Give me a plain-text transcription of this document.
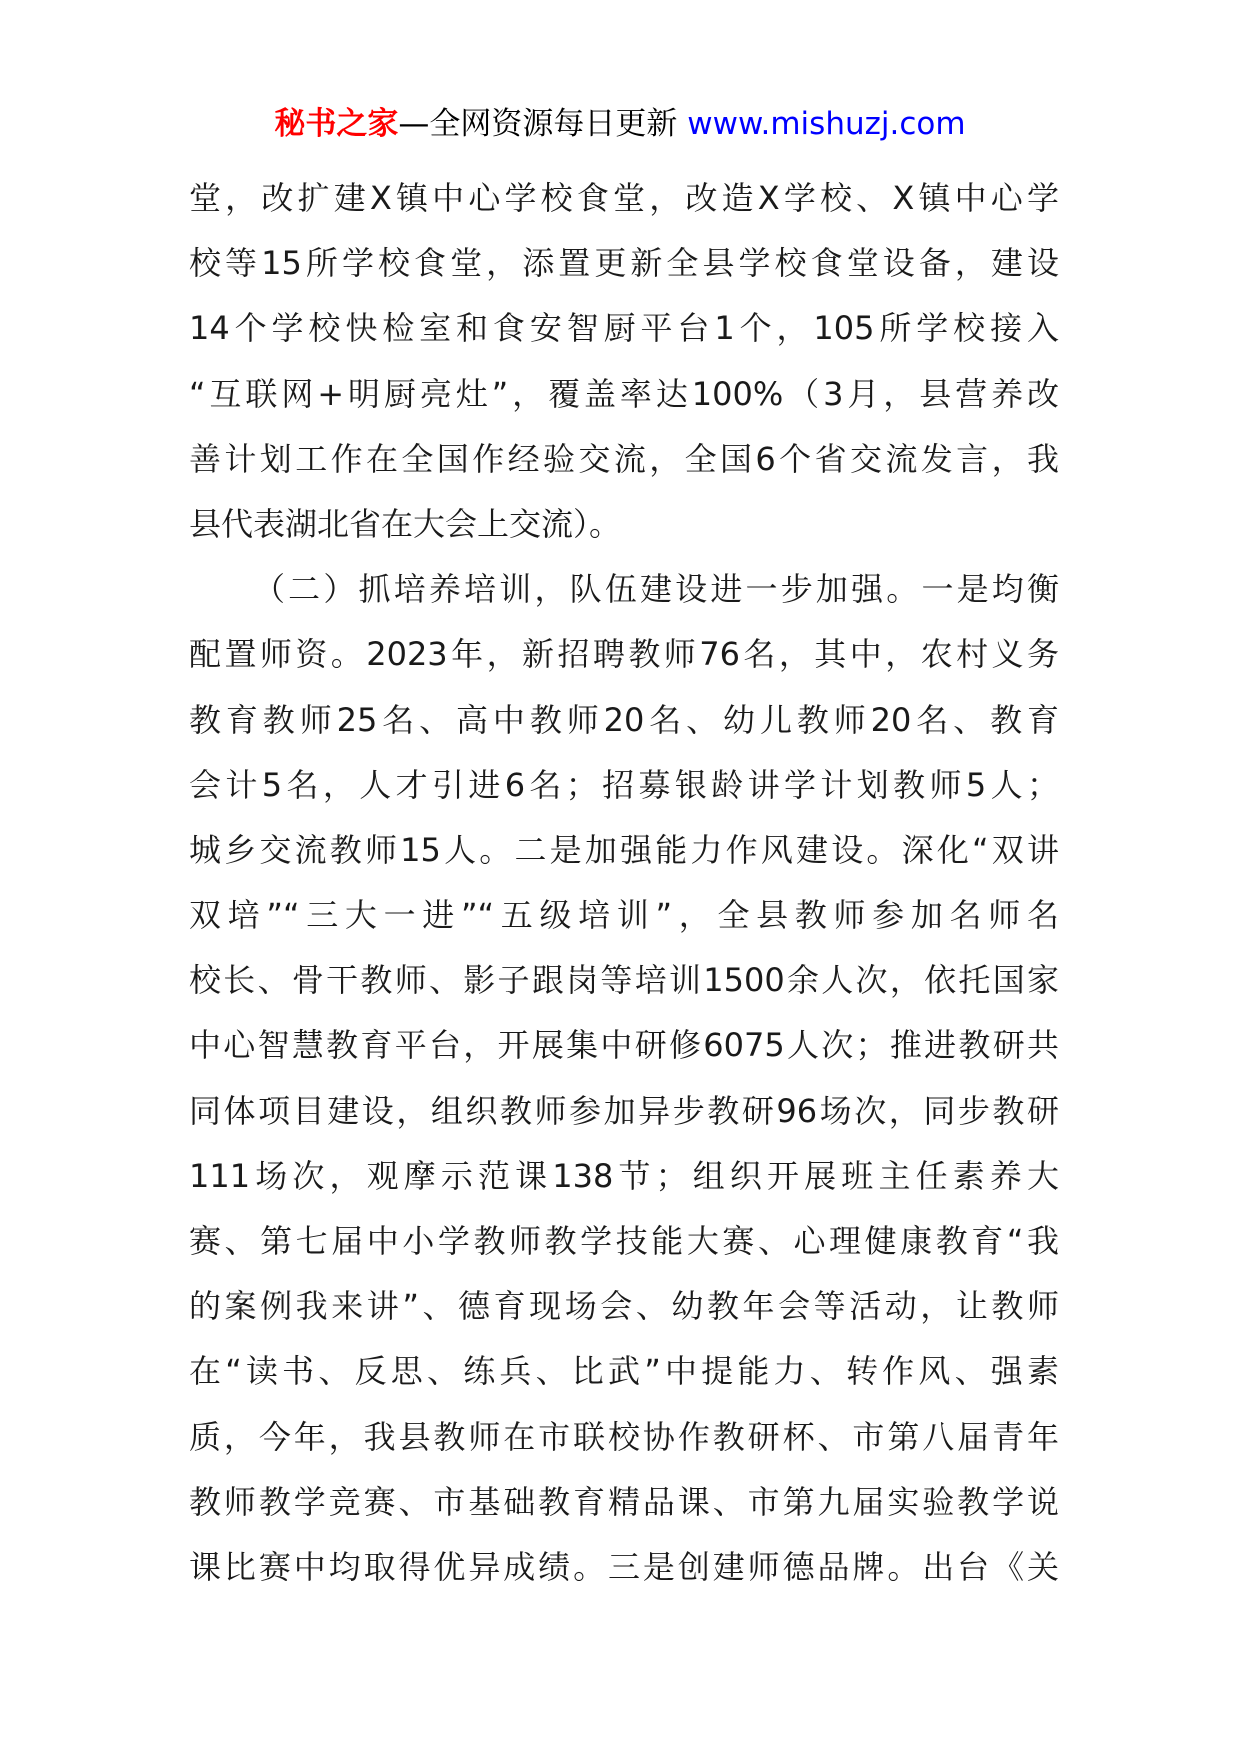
秘书之家—全网资源每日更新 www.mishuzj.com
堂，改扩建X镇中心学校食堂，改造X学校、X镇中心学
校等15所学校食堂，添置更新全县学校食堂设备，建设
14个学校快检室和食安智厨平台1个，105所学校接入
“互联网+明厨亮灶”，覆盖率达100%（3月，县营养改
善计划工作在全国作经验交流，全国6个省交流发言，我
县代表湖北省在大会上交流）。
（二）抓培养培训，队伍建设进一步加强。一是均衡
配置师资。2023年，新招聘教师76名，其中，农村义务
教育教师25名、高中教师20名、幼儿教师20名、教育
会计5名，人才引进6名；招募银龄讲学计划教师5人；
城乡交流教师15人。二是加强能力作风建设。深化“双讲
双培”“三大一进”“五级培训”，全县教师参加名师名
校长、骨干教师、影子跟岗等培训1500余人次，依托国家
中心智慧教育平台，开展集中研修6075人次；推进教研共
同体项目建设，组织教师参加异步教研96场次，同步教研
111场次，观摩示范课138节；组织开展班主任素养大
赛、第七届中小学教师教学技能大赛、心理健康教育“我
的案例我来讲”、德育现场会、幼教年会等活动，让教师
在“读书、反思、练兵、比武”中提能力、转作风、强素
质，今年，我县教师在市联校协作教研杯、市第八届青年
教师教学竞赛、市基础教育精品课、市第九届实验教学说
课比赛中均取得优异成绩。三是创建师德品牌。出台《关
